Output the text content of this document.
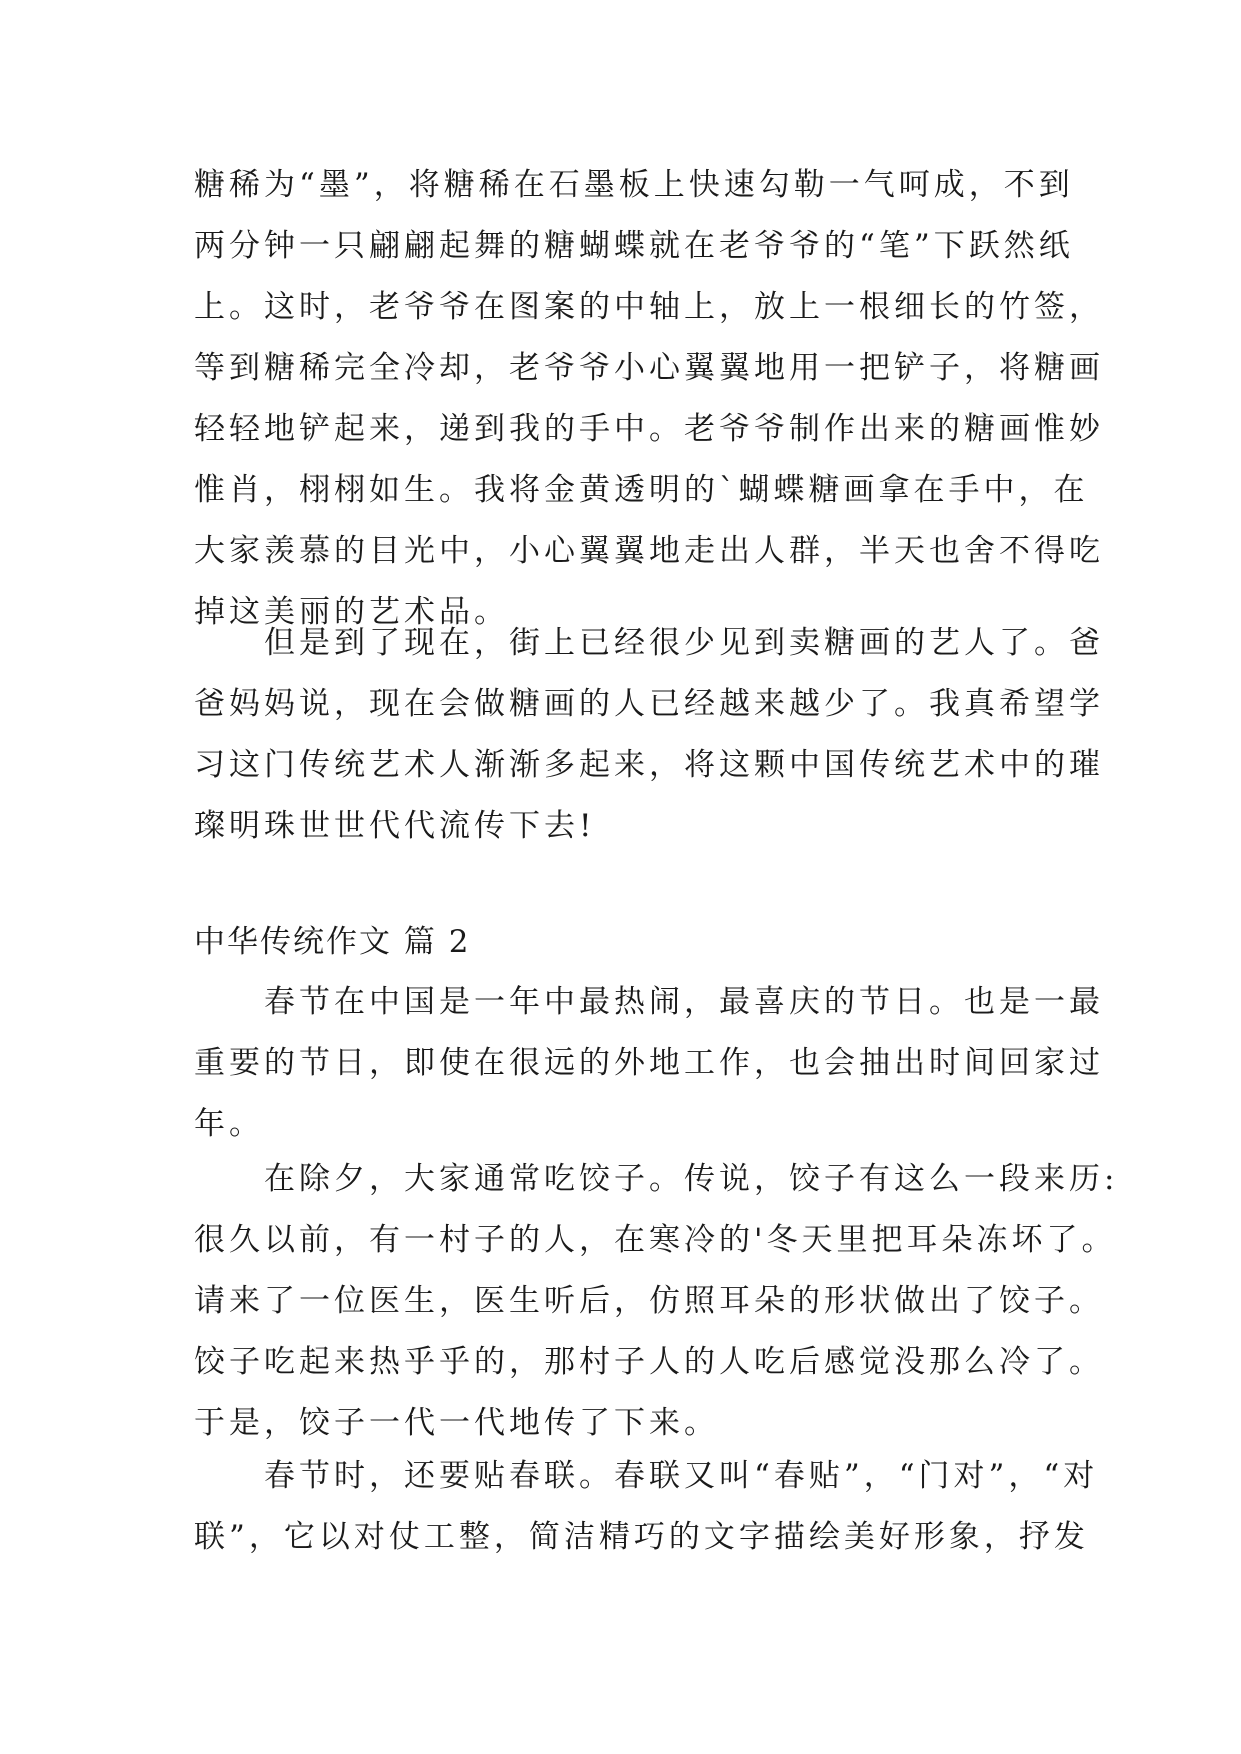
糖稀为“墨”，将糖稀在石墨板上快速勾勒一气呵成，不到
两分钟一只翩翩起舞的糖蝴蝶就在老爷爷的“笔”下跃然纸
上。这时，老爷爷在图案的中轴上，放上一根细长的竹签，
等到糖稀完全冷却，老爷爷小心翼翼地用一把铲子，将糖画
轻轻地铲起来，递到我的手中。老爷爷制作出来的糖画惟妙
惟肖，栩栩如生。我将金黄透明的`蝴蝶糖画拿在手中，在
大家羡慕的目光中，小心翼翼地走出人群，半天也舍不得吃
掉这美丽的艺术品。

　　但是到了现在，街上已经很少见到卖糖画的艺人了。爸
爸妈妈说，现在会做糖画的人已经越来越少了。我真希望学
习这门传统艺术人渐渐多起来，将这颗中国传统艺术中的璀
璨明珠世世代代流传下去!

中华传统作文 篇 2

　　春节在中国是一年中最热闹，最喜庆的节日。也是一最
重要的节日，即使在很远的外地工作，也会抽出时间回家过
年。

　　在除夕，大家通常吃饺子。传说，饺子有这么一段来历:
很久以前，有一村子的人，在寒冷的'冬天里把耳朵冻坏了。
请来了一位医生，医生听后，仿照耳朵的形状做出了饺子。
饺子吃起来热乎乎的，那村子人的人吃后感觉没那么冷了。
于是，饺子一代一代地传了下来。

　　春节时，还要贴春联。春联又叫“春贴”，“门对”，“对
联”，它以对仗工整，简洁精巧的文字描绘美好形象，抒发
